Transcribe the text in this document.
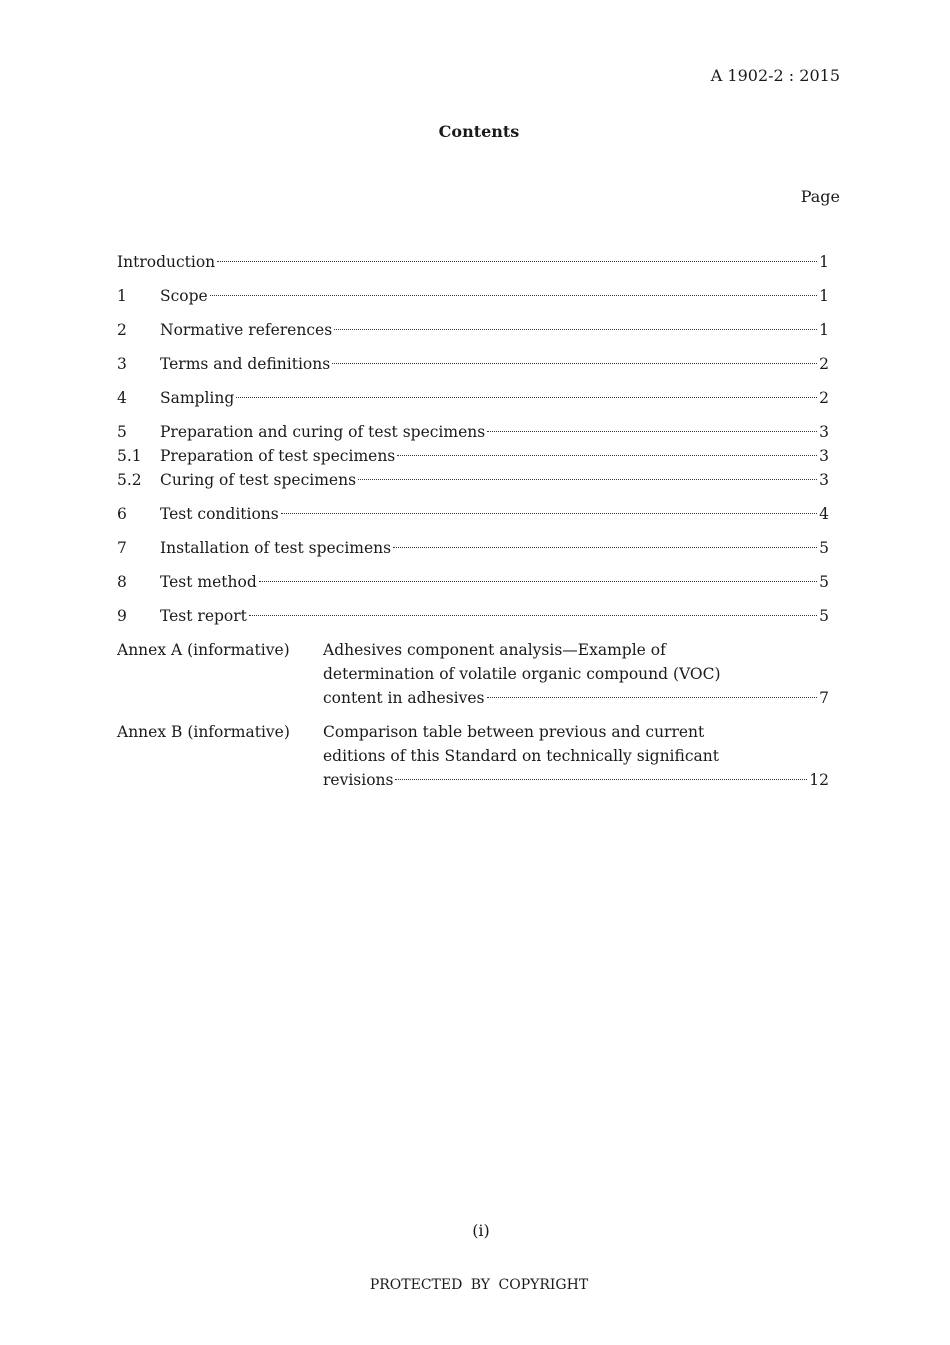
A 1902-2 : 2015
Contents
Page
Introduction	1
1	Scope	1
2	Normative references	1
3	Terms and definitions	2
4	Sampling	2
5	Preparation and curing of test specimens	3
5.1	Preparation of test specimens	3
5.2	Curing of test specimens	3
6	Test conditions	4
7	Installation of test specimens	5
8	Test method	5
9	Test report	5
Annex A (informative)	Adhesives component analysis—Example of
determination of volatile organic compound (VOC)
content in adhesives	7
Annex B (informative)	Comparison table between previous and current
editions of this Standard on technically significant
revisions	12
(i)
PROTECTED BY COPYRIGHT
